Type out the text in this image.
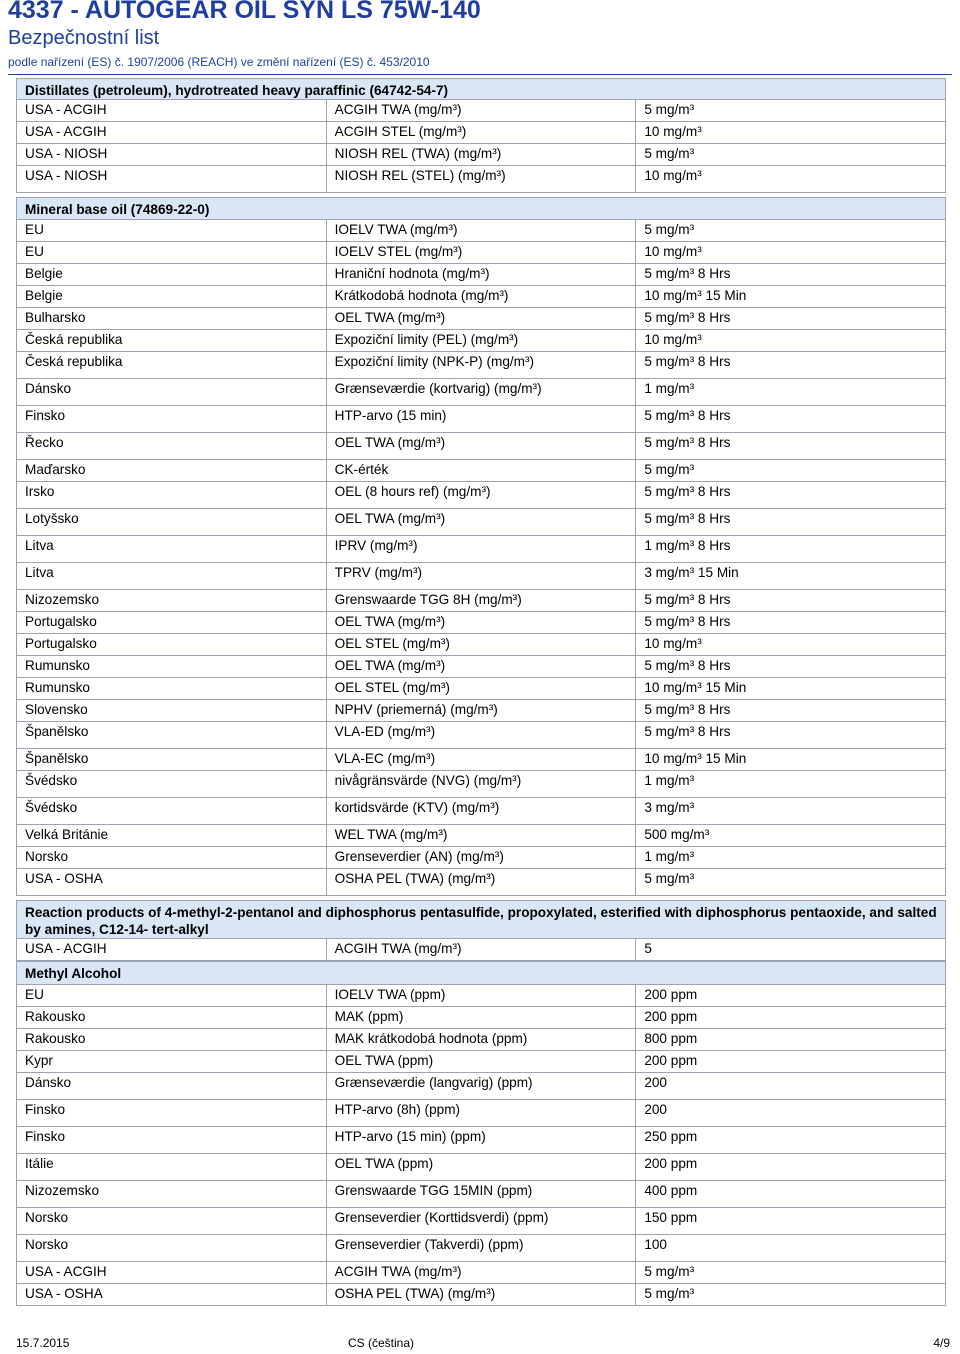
4337 - AUTOGEAR OIL SYN LS 75W-140
Bezpečnostní list
podle nařízení (ES) č. 1907/2006 (REACH) ve změní nařízení (ES) č. 453/2010
Distillates (petroleum), hydrotreated heavy paraffinic (64742-54-7)		
USA - ACGIH	ACGIH TWA (mg/m³)	5 mg/m³
USA - ACGIH	ACGIH STEL (mg/m³)	10 mg/m³
USA - NIOSH	NIOSH REL (TWA) (mg/m³)	5 mg/m³
USA - NIOSH	NIOSH REL (STEL) (mg/m³)	10 mg/m³
Mineral base oil (74869-22-0)		
EU	IOELV TWA (mg/m³)	5 mg/m³
EU	IOELV STEL (mg/m³)	10 mg/m³
Belgie	Hraniční hodnota (mg/m³)	5 mg/m³ 8 Hrs
Belgie	Krátkodobá hodnota (mg/m³)	10 mg/m³ 15 Min
Bulharsko	OEL TWA (mg/m³)	5 mg/m³ 8 Hrs
Česká republika	Expoziční limity (PEL) (mg/m³)	10 mg/m³
Česká republika	Expoziční limity (NPK-P) (mg/m³)	5 mg/m³ 8 Hrs
Dánsko	Grænseværdie (kortvarig) (mg/m³)	1 mg/m³
Finsko	HTP-arvo (15 min)	5 mg/m³ 8 Hrs
Řecko	OEL TWA (mg/m³)	5 mg/m³ 8 Hrs
Maďarsko	CK-érték	5 mg/m³
Irsko	OEL (8 hours ref) (mg/m³)	5 mg/m³ 8 Hrs
Lotyšsko	OEL TWA (mg/m³)	5 mg/m³ 8 Hrs
Litva	IPRV (mg/m³)	1 mg/m³ 8 Hrs
Litva	TPRV (mg/m³)	3 mg/m³ 15 Min
Nizozemsko	Grenswaarde TGG 8H (mg/m³)	5 mg/m³ 8 Hrs
Portugalsko	OEL TWA (mg/m³)	5 mg/m³ 8 Hrs
Portugalsko	OEL STEL (mg/m³)	10 mg/m³
Rumunsko	OEL TWA (mg/m³)	5 mg/m³ 8 Hrs
Rumunsko	OEL STEL (mg/m³)	10 mg/m³ 15 Min
Slovensko	NPHV (priemerná) (mg/m³)	5 mg/m³ 8 Hrs
Španělsko	VLA-ED (mg/m³)	5 mg/m³ 8 Hrs
Španělsko	VLA-EC (mg/m³)	10 mg/m³ 15 Min
Švédsko	nivågränsvärde (NVG) (mg/m³)	1 mg/m³
Švédsko	kortidsvärde (KTV) (mg/m³)	3 mg/m³
Velká Británie	WEL TWA (mg/m³)	500 mg/m³
Norsko	Grenseverdier (AN) (mg/m³)	1 mg/m³
USA - OSHA	OSHA PEL (TWA) (mg/m³)	5 mg/m³
Reaction products of 4-methyl-2-pentanol and diphosphorus pentasulfide, propoxylated, esterified with diphosphorus pentaoxide, and salted by amines, C12-14- tert-alkyl
USA - ACGIH	ACGIH TWA (mg/m³)	5
Methyl Alcohol		
EU	IOELV TWA (ppm)	200 ppm
Rakousko	MAK (ppm)	200 ppm
Rakousko	MAK krátkodobá hodnota (ppm)	800 ppm
Kypr	OEL TWA (ppm)	200 ppm
Dánsko	Grænseværdie (langvarig) (ppm)	200
Finsko	HTP-arvo (8h) (ppm)	200
Finsko	HTP-arvo (15 min) (ppm)	250 ppm
Itálie	OEL TWA (ppm)	200 ppm
Nizozemsko	Grenswaarde TGG 15MIN (ppm)	400 ppm
Norsko	Grenseverdier (Korttidsverdi) (ppm)	150 ppm
Norsko	Grenseverdier (Takverdi) (ppm)	100
USA - ACGIH	ACGIH TWA (mg/m³)	5 mg/m³
USA - OSHA	OSHA PEL (TWA) (mg/m³)	5 mg/m³
15.7.2015	CS (čeština)	4/9
